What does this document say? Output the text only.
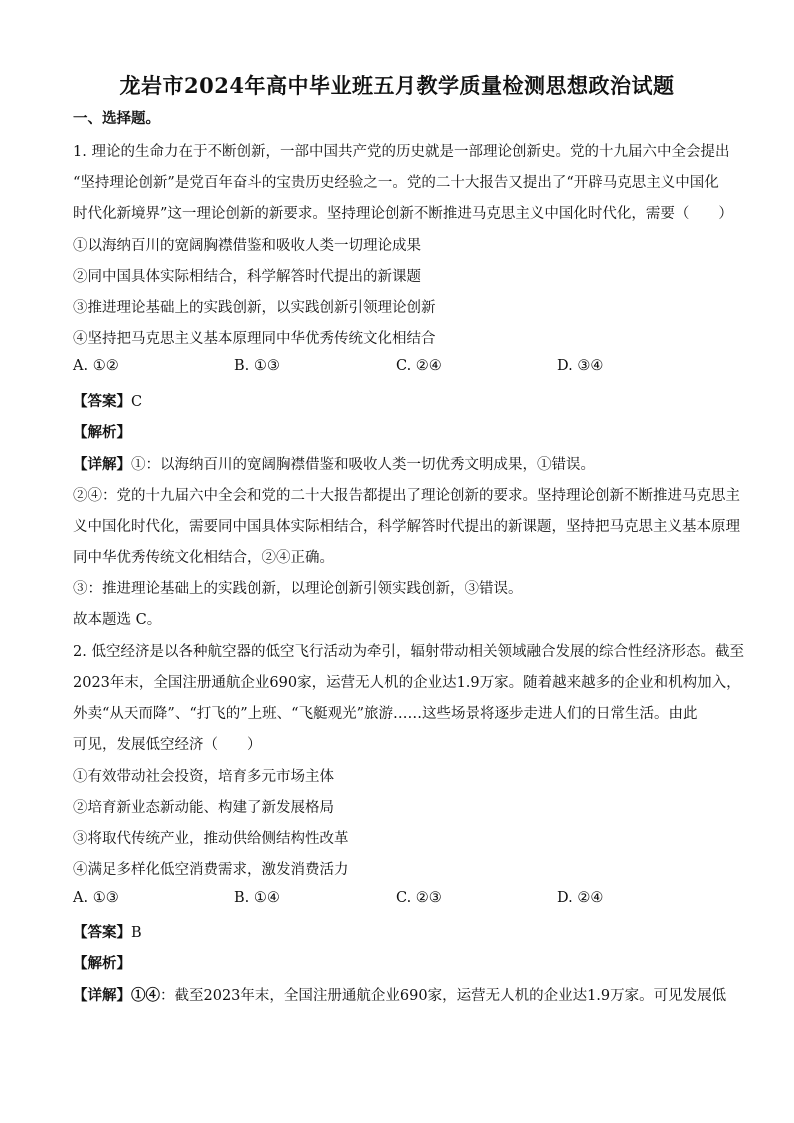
龙岩市2024年高中毕业班五月教学质量检测思想政治试题
一、选择题。
1. 理论的生命力在于不断创新，一部中国共产党的历史就是一部理论创新史。党的十九届六中全会提出
“坚持理论创新”是党百年奋斗的宝贵历史经验之一。党的二十大报告又提出了“开辟马克思主义中国化
时代化新境界”这一理论创新的新要求。坚持理论创新不断推进马克思主义中国化时代化，需要（　　）
①以海纳百川的宽阔胸襟借鉴和吸收人类一切理论成果
②同中国具体实际相结合，科学解答时代提出的新课题
③推进理论基础上的实践创新，以实践创新引领理论创新
④坚持把马克思主义基本原理同中华优秀传统文化相结合
A. ①②	B. ①③	C. ②④	D. ③④
【答案】C
【解析】
【详解】①：以海纳百川的宽阔胸襟借鉴和吸收人类一切优秀文明成果，①错误。
②④：党的十九届六中全会和党的二十大报告都提出了理论创新的要求。坚持理论创新不断推进马克思主
义中国化时代化，需要同中国具体实际相结合，科学解答时代提出的新课题，坚持把马克思主义基本原理
同中华优秀传统文化相结合，②④正确。
③：推进理论基础上的实践创新，以理论创新引领实践创新，③错误。
故本题选 C。
2. 低空经济是以各种航空器的低空飞行活动为牵引，辐射带动相关领域融合发展的综合性经济形态。截至
2023年末，全国注册通航企业690家，运营无人机的企业达1.9万家。随着越来越多的企业和机构加入，
外卖“从天而降”、“打飞的”上班、“飞艇观光”旅游……这些场景将逐步走进人们的日常生活。由此
可见，发展低空经济（　　）
①有效带动社会投资，培育多元市场主体
②培育新业态新动能、构建了新发展格局
③将取代传统产业，推动供给侧结构性改革
④满足多样化低空消费需求，激发消费活力
A. ①③	B. ①④	C. ②③	D. ②④
【答案】B
【解析】
【详解】①④：截至2023年末，全国注册通航企业690家，运营无人机的企业达1.9万家。可见发展低
